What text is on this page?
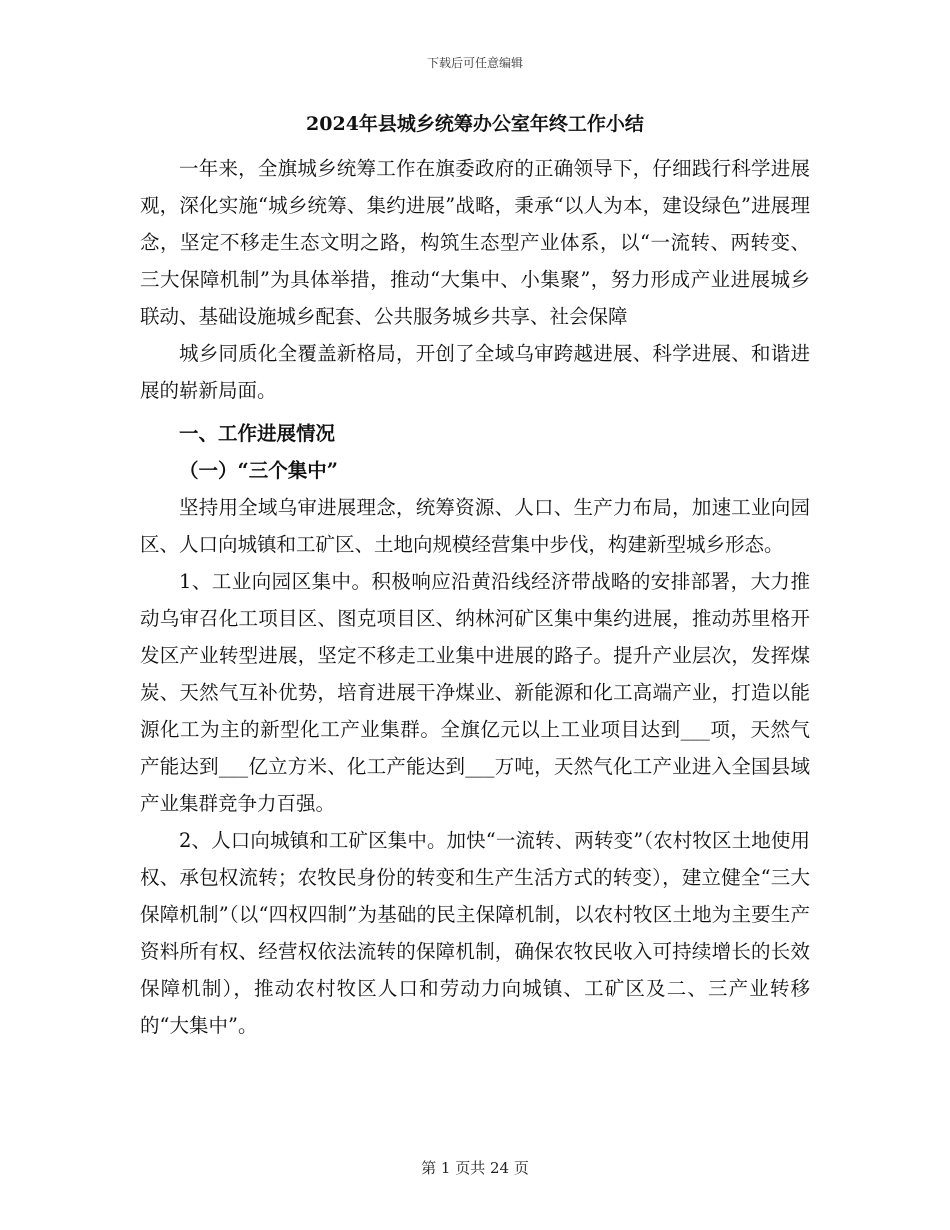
下载后可任意编辑
2024年县城乡统筹办公室年终工作小结

一年来，全旗城乡统筹工作在旗委政府的正确领导下，仔细践行科学进展观，深化实施“城乡统筹、集约进展”战略，秉承“以人为本，建设绿色”进展理念，坚定不移走生态文明之路，构筑生态型产业体系，以“一流转、两转变、三大保障机制”为具体举措，推动“大集中、小集聚”，努力形成产业进展城乡联动、基础设施城乡配套、公共服务城乡共享、社会保障

城乡同质化全覆盖新格局，开创了全域乌审跨越进展、科学进展、和谐进展的崭新局面。

一、工作进展情况

（一）“三个集中”

坚持用全域乌审进展理念，统筹资源、人口、生产力布局，加速工业向园区、人口向城镇和工矿区、土地向规模经营集中步伐，构建新型城乡形态。

1、工业向园区集中。积极响应沿黄沿线经济带战略的安排部署，大力推动乌审召化工项目区、图克项目区、纳林河矿区集中集约进展，推动苏里格开发区产业转型进展，坚定不移走工业集中进展的路子。提升产业层次，发挥煤炭、天然气互补优势，培育进展干净煤业、新能源和化工高端产业，打造以能源化工为主的新型化工产业集群。全旗亿元以上工业项目达到___项，天然气产能达到___亿立方米、化工产能达到___万吨，天然气化工产业进入全国县域产业集群竞争力百强。

2、人口向城镇和工矿区集中。加快“一流转、两转变”（农村牧区土地使用权、承包权流转；农牧民身份的转变和生产生活方式的转变），建立健全“三大保障机制”（以“四权四制”为基础的民主保障机制，以农村牧区土地为主要生产资料所有权、经营权依法流转的保障机制，确保农牧民收入可持续增长的长效保障机制），推动农村牧区人口和劳动力向城镇、工矿区及二、三产业转移的“大集中”。

第 1 页共 24 页
